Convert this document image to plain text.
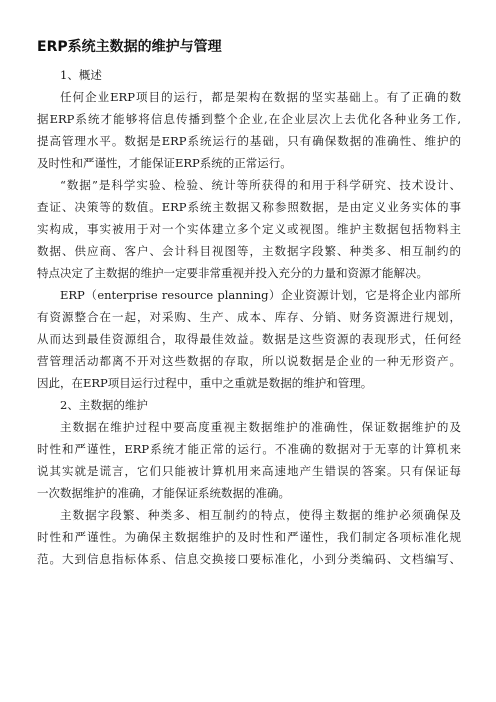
ERP系统主数据的维护与管理

1、概述

任何企业ERP项目的运行，都是架构在数据的坚实基础上。有了正确的数

据ERP系统才能够将信息传播到整个企业,在企业层次上去优化各种业务工作,

提高管理水平。数据是ERP系统运行的基础，只有确保数据的准确性、维护的

及时性和严谨性，才能保证ERP系统的正常运行。

“数据”是科学实验、检验、统计等所获得的和用于科学研究、技术设计、

查证、决策等的数值。ERP系统主数据又称参照数据，是由定义业务实体的事

实构成，事实被用于对一个实体建立多个定义或视图。维护主数据包括物料主

数据、供应商、客户、会计科目视图等，主数据字段繁、种类多、相互制约的

特点决定了主数据的维护一定要非常重视并投入充分的力量和资源才能解决。

ERP（enterprise resource planning）企业资源计划，它是将企业内部所

有资源整合在一起，对采购、生产、成本、库存、分销、财务资源进行规划，

从而达到最佳资源组合，取得最佳效益。数据是这些资源的表现形式，任何经

营管理活动都离不开对这些数据的存取，所以说数据是企业的一种无形资产。

因此，在ERP项目运行过程中，重中之重就是数据的维护和管理。

2、主数据的维护

主数据在维护过程中要高度重视主数据维护的准确性，保证数据维护的及

时性和严谨性，ERP系统才能正常的运行。不准确的数据对于无辜的计算机来

说其实就是谎言，它们只能被计算机用来高速地产生错误的答案。只有保证每

一次数据维护的准确，才能保证系统数据的准确。

主数据字段繁、种类多、相互制约的特点，使得主数据的维护必须确保及

时性和严谨性。为确保主数据维护的及时性和严谨性，我们制定各项标准化规

范。大到信息指标体系、信息交换接口要标准化，小到分类编码、文档编写、
